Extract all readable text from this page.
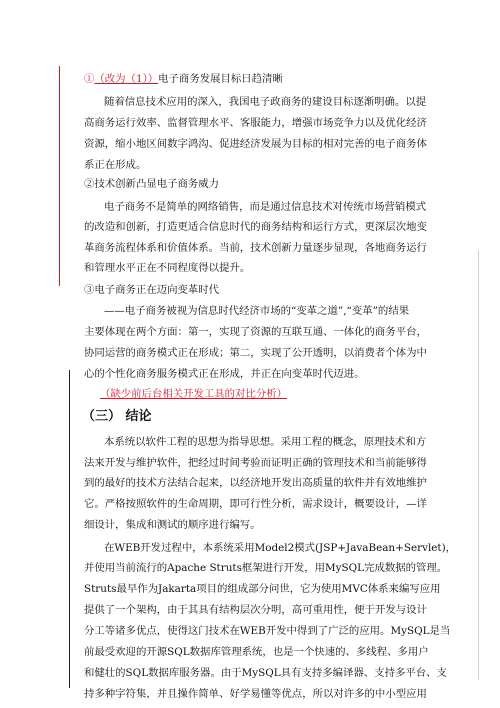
①（改为（1））电子商务发展目标日趋清晰
随着信息技术应用的深入，我国电子政商务的建设目标逐渐明确。以提
高商务运行效率、监督管理水平、客服能力，增强市场竞争力以及优化经济
资源，缩小地区间数字鸿沟、促进经济发展为目标的相对完善的电子商务体
系正在形成。
②技术创新凸显电子商务威力
电子商务不是简单的网络销售，而是通过信息技术对传统市场营销模式
的改造和创新，打造更适合信息时代的商务结构和运行方式，更深层次地变
革商务流程体系和价值体系。当前，技术创新力量逐步显现，各地商务运行
和管理水平正在不同程度得以提升。
③电子商务正在迈向变革时代
——电子商务被视为信息时代经济市场的“变革之道”,“变革”的结果
主要体现在两个方面：第一，实现了资源的互联互通、一体化的商务平台，
协同运营的商务模式正在形成；第二，实现了公开透明，以消费者个体为中
心的个性化商务服务模式正在形成，并正在向变革时代迈进。
（缺少前后台相关开发工具的对比分析）
（三） 结论
本系统以软件工程的思想为指导思想。采用工程的概念，原理技术和方
法来开发与维护软件，把经过时间考验而证明正确的管理技术和当前能够得
到的最好的技术方法结合起来，以经济地开发出高质量的软件并有效地维护
它。严格按照软件的生命周期，即可行性分析，需求设计，概要设计，—详
细设计，集成和测试的顺序进行编写。
在WEB开发过程中，本系统采用Model2模式(JSP+JavaBean+Servlet)，
并使用当前流行的Apache Struts框架进行开发，用MySQL完成数据的管理。
Struts最早作为Jakarta项目的组成部分问世，它为使用MVC体系来编写应用
提供了一个架构，由于其具有结构层次分明，高可重用性，便于开发与设计
分工等诸多优点，使得这门技术在WEB开发中得到了广泛的应用。MySQL是当
前最受欢迎的开源SQL数据库管理系统，也是一个快速的、多线程、多用户
和健壮的SQL数据库服务器。由于MySQL具有支持多编译器、支持多平台、支
持多种字符集，并且操作简单、好学易懂等优点，所以对许多的中小型应用
